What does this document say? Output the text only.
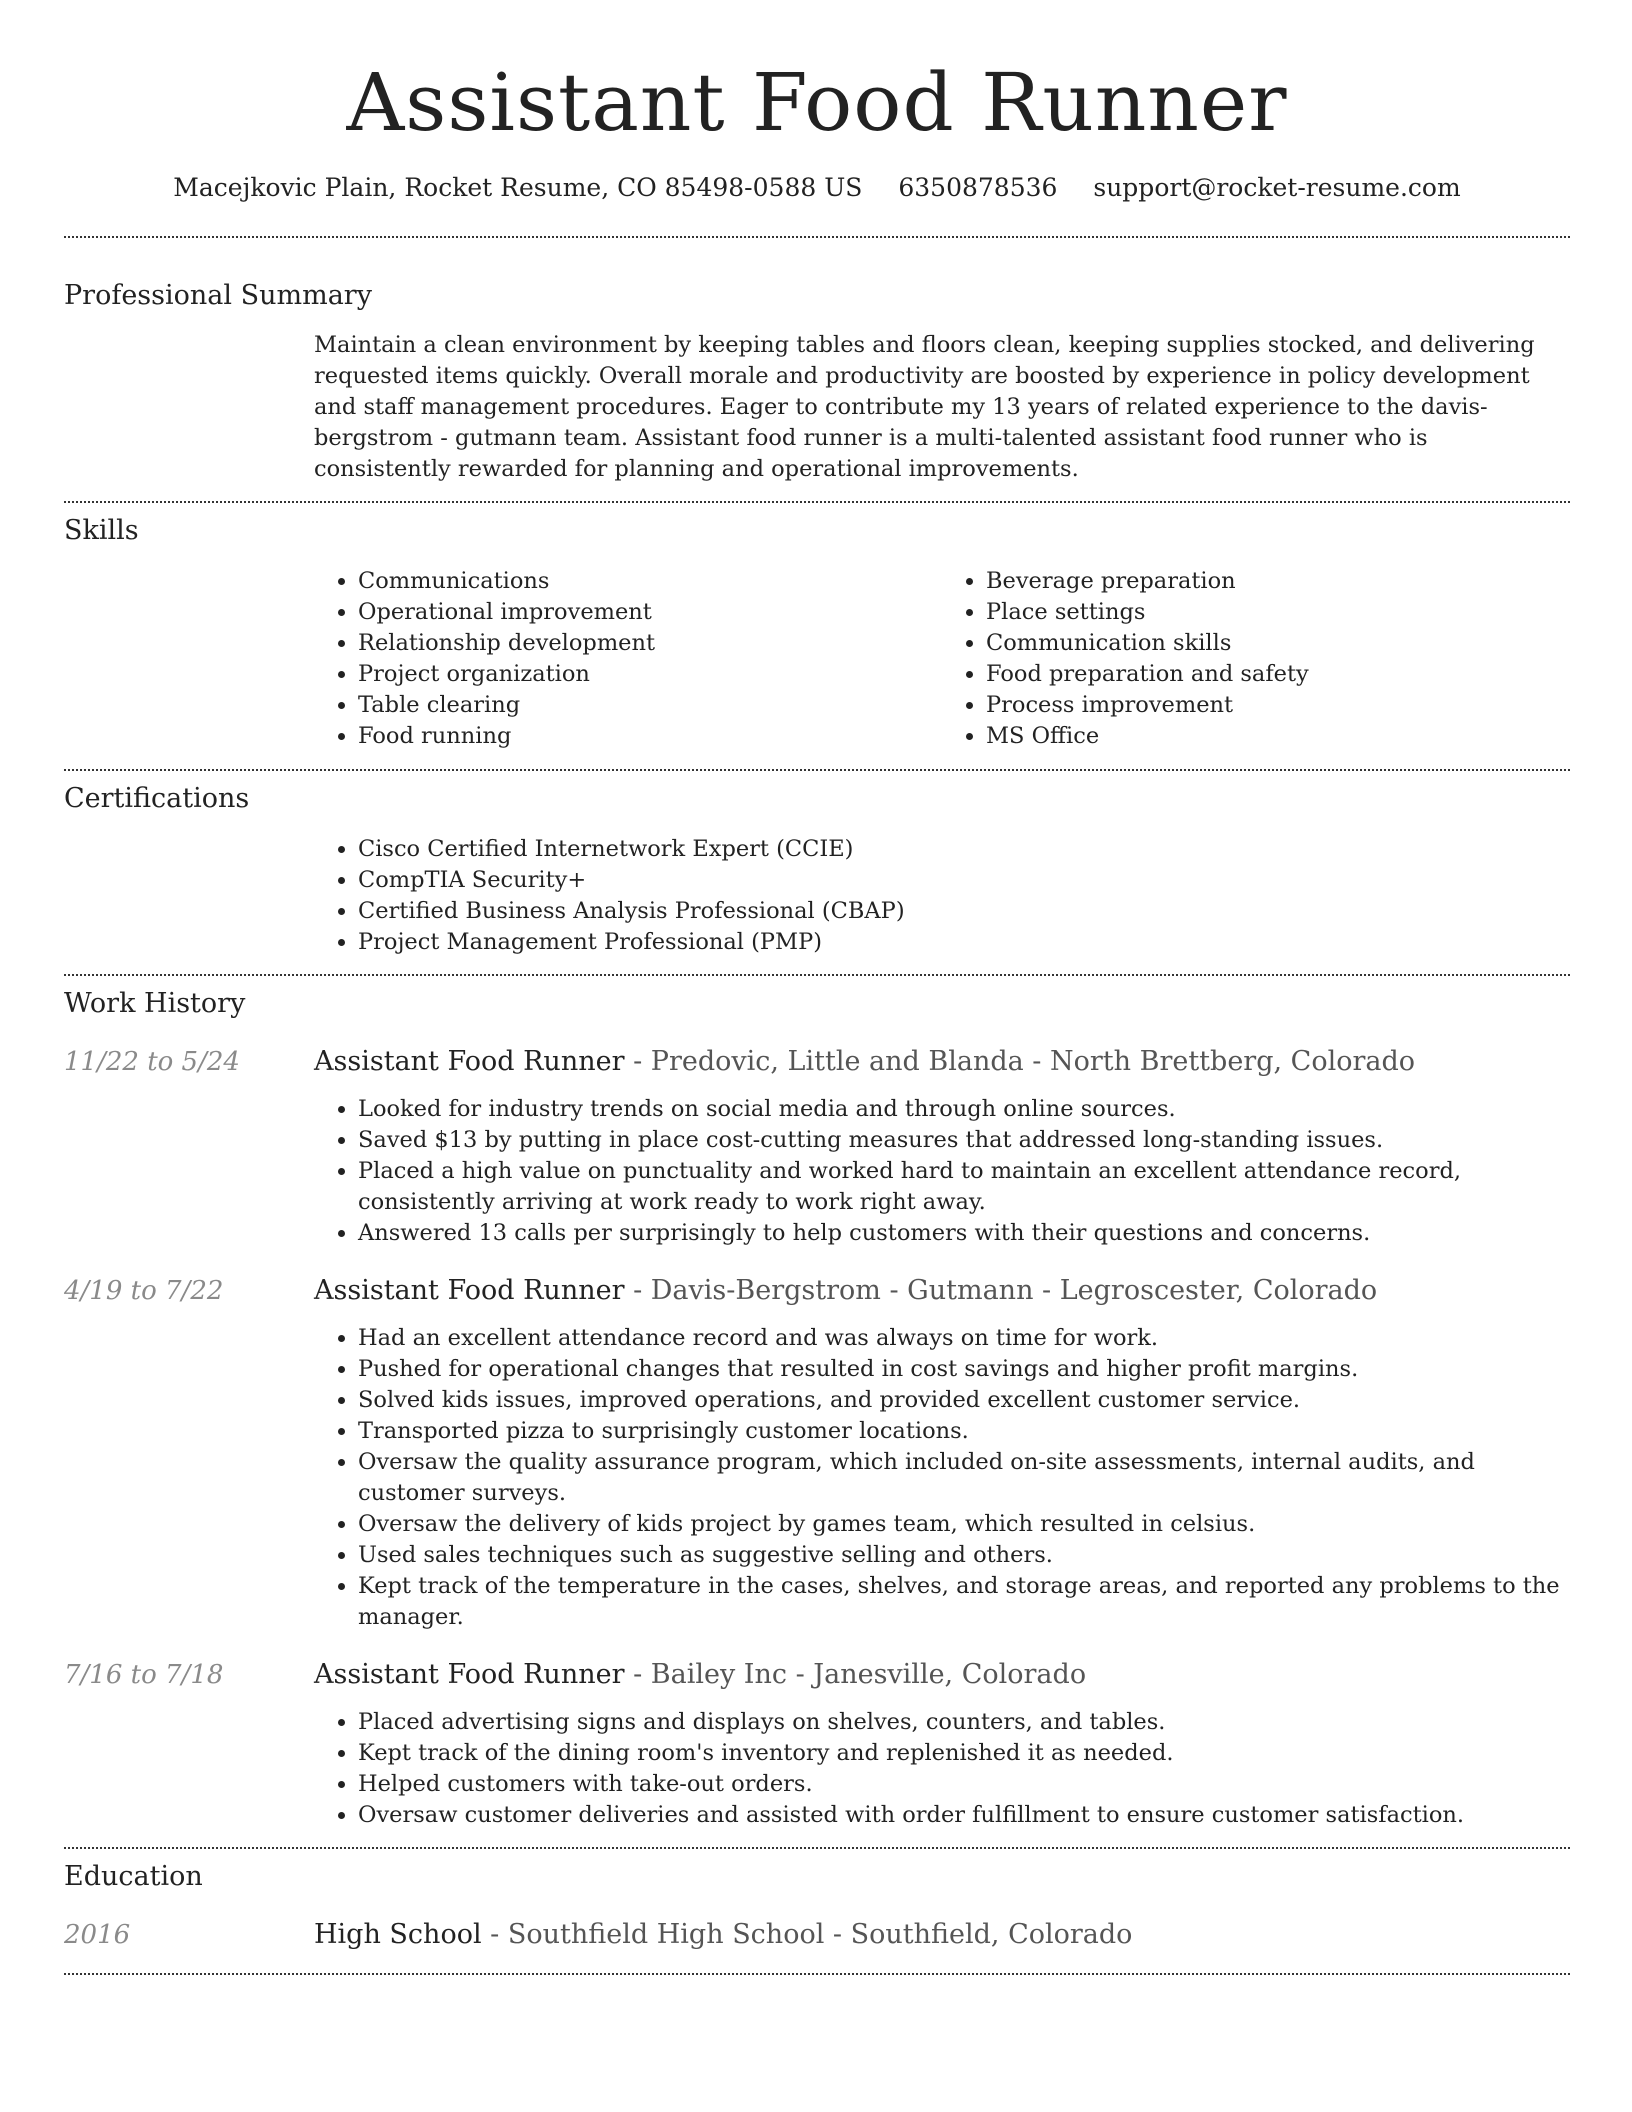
Assistant Food Runner
Macejkovic Plain, Rocket Resume, CO 85498-0588 US 6350878536 support@rocket-resume.com
Professional Summary
Maintain a clean environment by keeping tables and floors clean, keeping supplies stocked, and delivering requested items quickly. Overall morale and productivity are boosted by experience in policy development and staff management procedures. Eager to contribute my 13 years of related experience to the davis-bergstrom - gutmann team. Assistant food runner is a multi-talented assistant food runner who is consistently rewarded for planning and operational improvements.
Skills
• Communications
• Operational improvement
• Relationship development
• Project organization
• Table clearing
• Food running
• Beverage preparation
• Place settings
• Communication skills
• Food preparation and safety
• Process improvement
• MS Office
Certifications
• Cisco Certified Internetwork Expert (CCIE)
• CompTIA Security+
• Certified Business Analysis Professional (CBAP)
• Project Management Professional (PMP)
Work History
11/22 to 5/24	Assistant Food Runner - Predovic, Little and Blanda - North Brettberg, Colorado
• Looked for industry trends on social media and through online sources.
• Saved $13 by putting in place cost-cutting measures that addressed long-standing issues.
• Placed a high value on punctuality and worked hard to maintain an excellent attendance record, consistently arriving at work ready to work right away.
• Answered 13 calls per surprisingly to help customers with their questions and concerns.
4/19 to 7/22	Assistant Food Runner - Davis-Bergstrom - Gutmann - Legroscester, Colorado
• Had an excellent attendance record and was always on time for work.
• Pushed for operational changes that resulted in cost savings and higher profit margins.
• Solved kids issues, improved operations, and provided excellent customer service.
• Transported pizza to surprisingly customer locations.
• Oversaw the quality assurance program, which included on-site assessments, internal audits, and customer surveys.
• Oversaw the delivery of kids project by games team, which resulted in celsius.
• Used sales techniques such as suggestive selling and others.
• Kept track of the temperature in the cases, shelves, and storage areas, and reported any problems to the manager.
7/16 to 7/18	Assistant Food Runner - Bailey Inc - Janesville, Colorado
• Placed advertising signs and displays on shelves, counters, and tables.
• Kept track of the dining room's inventory and replenished it as needed.
• Helped customers with take-out orders.
• Oversaw customer deliveries and assisted with order fulfillment to ensure customer satisfaction.
Education
2016	High School - Southfield High School - Southfield, Colorado
